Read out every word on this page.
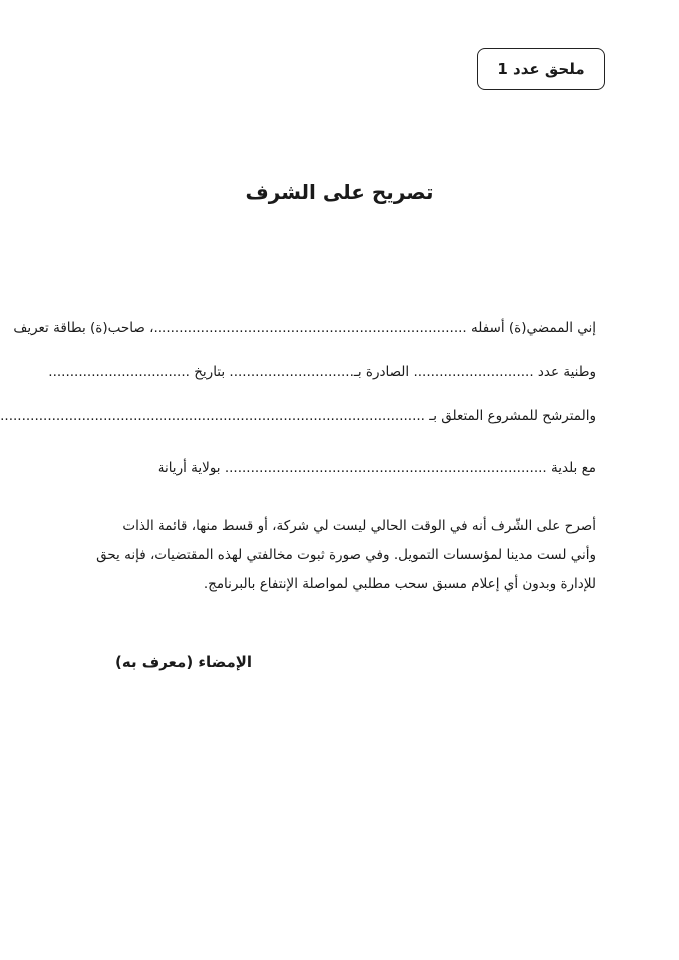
ملحق عدد 1
تصريح على الشرف
إني الممضي(ة) أسفله .........................................................................، صاحب(ة) بطاقة تعريف
وطنية عدد ............................ الصادرة بـ............................. بتاريخ .................................
والمترشح للمشروع المتعلق بـ ...................................................................................................
مع بلدية ........................................................................... بولاية أريانة
أصرح على الشّرف أنه في الوقت الحالي ليست لي شركة، أو قسط منها، قائمة الذات
وأني لست مدينا لمؤسسات التمويل. وفي صورة ثبوت مخالفتي لهذه المقتضيات، فإنه يحق
للإدارة وبدون أي إعلام مسبق سحب مطلبي لمواصلة الإنتفاع بالبرنامج.
الإمضاء (معرف به)
